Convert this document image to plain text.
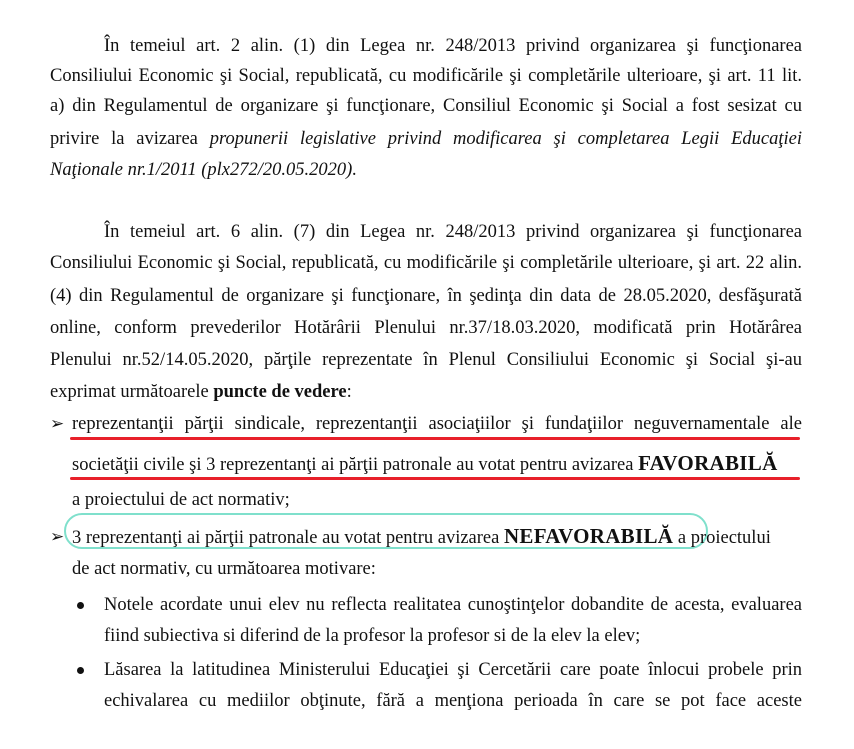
În temeiul art. 2 alin. (1) din Legea nr. 248/2013 privind organizarea şi funcţionarea
Consiliului Economic şi Social, republicată, cu modificările şi completările ulterioare, şi art. 11 lit.
a) din Regulamentul de organizare şi funcţionare, Consiliul Economic şi Social a fost sesizat cu
privire la avizarea propunerii legislative privind modificarea şi completarea Legii Educaţiei
Naţionale nr.1/2011 (plx272/20.05.2020).
În temeiul art. 6 alin. (7) din Legea nr. 248/2013 privind organizarea şi funcţionarea
Consiliului Economic şi Social, republicată, cu modificările şi completările ulterioare, şi art. 22 alin.
(4) din Regulamentul de organizare şi funcţionare, în şedinţa din data de 28.05.2020, desfăşurată
online, conform prevederilor Hotărârii Plenului nr.37/18.03.2020, modificată prin Hotărârea
Plenului nr.52/14.05.2020, părţile reprezentate în Plenul Consiliului Economic şi Social şi-au
exprimat următoarele puncte de vedere:
➢ reprezentanţii părţii sindicale, reprezentanţii asociaţiilor şi fundaţiilor neguvernamentale ale
societăţii civile şi 3 reprezentanţi ai părţii patronale au votat pentru avizarea FAVORABILĂ
a proiectului de act normativ;
➢ 3 reprezentanţi ai părţii patronale au votat pentru avizarea NEFAVORABILĂ a proiectului
de act normativ, cu următoarea motivare:
Notele acordate unui elev nu reflecta realitatea cunoştinţelor dobandite de acesta, evaluarea
fiind subiectiva si diferind de la profesor la profesor si de la elev la elev;
Lăsarea la latitudinea Ministerului Educaţiei şi Cercetării care poate înlocui probele prin
echivalarea cu mediilor obţinute, fără a menţiona perioada în care se pot face aceste
